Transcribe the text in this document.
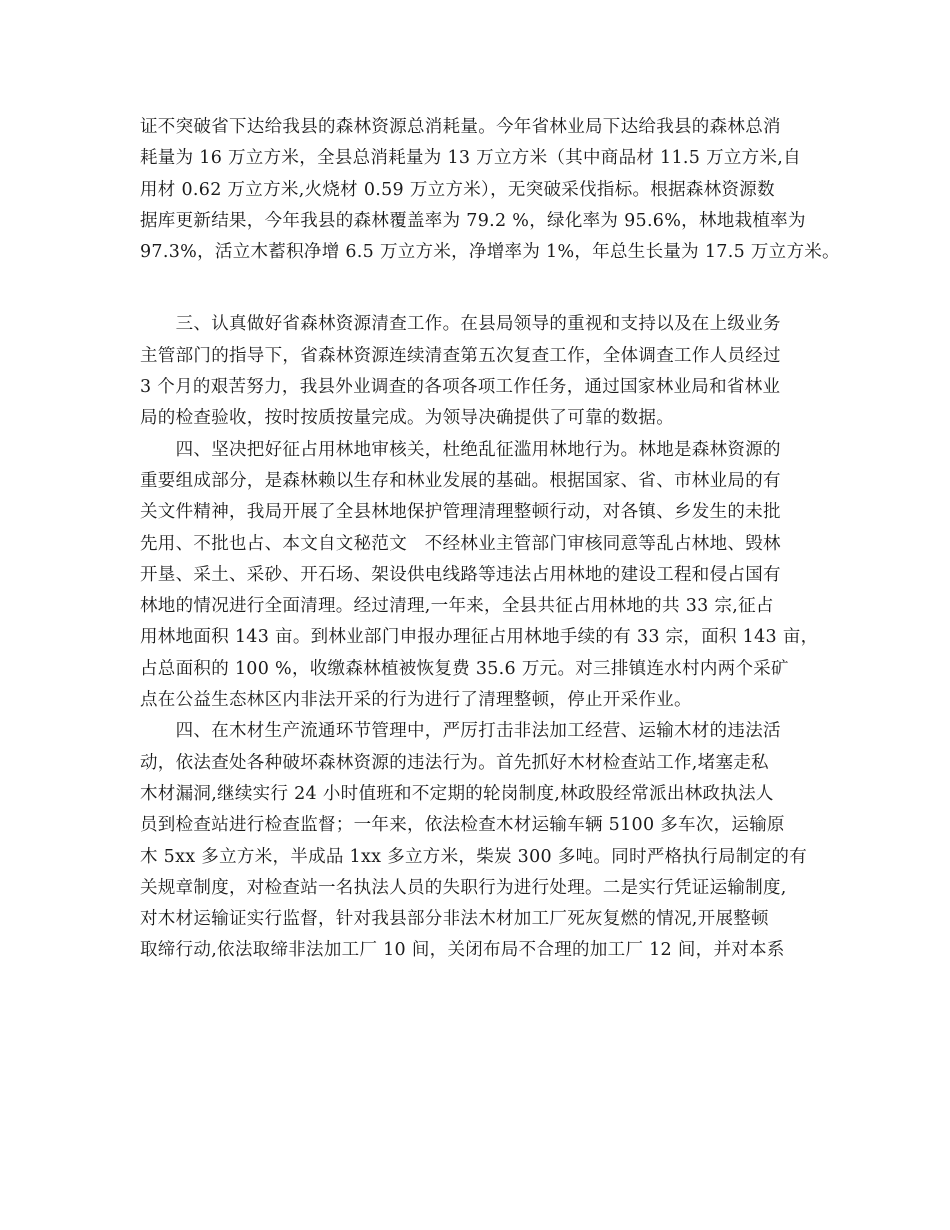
证不突破省下达给我县的森林资源总消耗量。今年省林业局下达给我县的森林总消
耗量为 16 万立方米，全县总消耗量为 13 万立方米（其中商品材 11.5 万立方米,自
用材 0.62 万立方米,火烧材 0.59 万立方米），无突破采伐指标。根据森林资源数
据库更新结果，今年我县的森林覆盖率为 79.2 %，绿化率为 95.6%，林地栽植率为
97.3%，活立木蓄积净增 6.5 万立方米，净增率为 1%，年总生长量为 17.5 万立方米。
　　三、认真做好省森林资源清查工作。在县局领导的重视和支持以及在上级业务
主管部门的指导下，省森林资源连续清查第五次复查工作，全体调查工作人员经过
3 个月的艰苦努力，我县外业调查的各项各项工作任务，通过国家林业局和省林业
局的检查验收，按时按质按量完成。为领导决确提供了可靠的数据。
　　四、坚决把好征占用林地审核关，杜绝乱征滥用林地行为。林地是森林资源的
重要组成部分，是森林赖以生存和林业发展的基础。根据国家、省、市林业局的有
关文件精神，我局开展了全县林地保护管理清理整顿行动，对各镇、乡发生的未批
先用、不批也占、本文自文秘范文　不经林业主管部门审核同意等乱占林地、毁林
开垦、采土、采砂、开石场、架设供电线路等违法占用林地的建设工程和侵占国有
林地的情况进行全面清理。经过清理,一年来，全县共征占用林地的共 33 宗,征占
用林地面积 143 亩。到林业部门申报办理征占用林地手续的有 33 宗，面积 143 亩，
占总面积的 100 %，收缴森林植被恢复费 35.6 万元。对三排镇连水村内两个采矿
点在公益生态林区内非法开采的行为进行了清理整顿，停止开采作业。
　　四、在木材生产流通环节管理中，严厉打击非法加工经营、运输木材的违法活
动，依法查处各种破坏森林资源的违法行为。首先抓好木材检查站工作,堵塞走私
木材漏洞,继续实行 24 小时值班和不定期的轮岗制度,林政股经常派出林政执法人
员到检查站进行检查监督；一年来，依法检查木材运输车辆 5100 多车次，运输原
木 5xx 多立方米，半成品 1xx 多立方米，柴炭 300 多吨。同时严格执行局制定的有
关规章制度，对检查站一名执法人员的失职行为进行处理。二是实行凭证运输制度,
对木材运输证实行监督，针对我县部分非法木材加工厂死灰复燃的情况,开展整顿
取缔行动,依法取缔非法加工厂 10 间，关闭布局不合理的加工厂 12 间，并对本系
